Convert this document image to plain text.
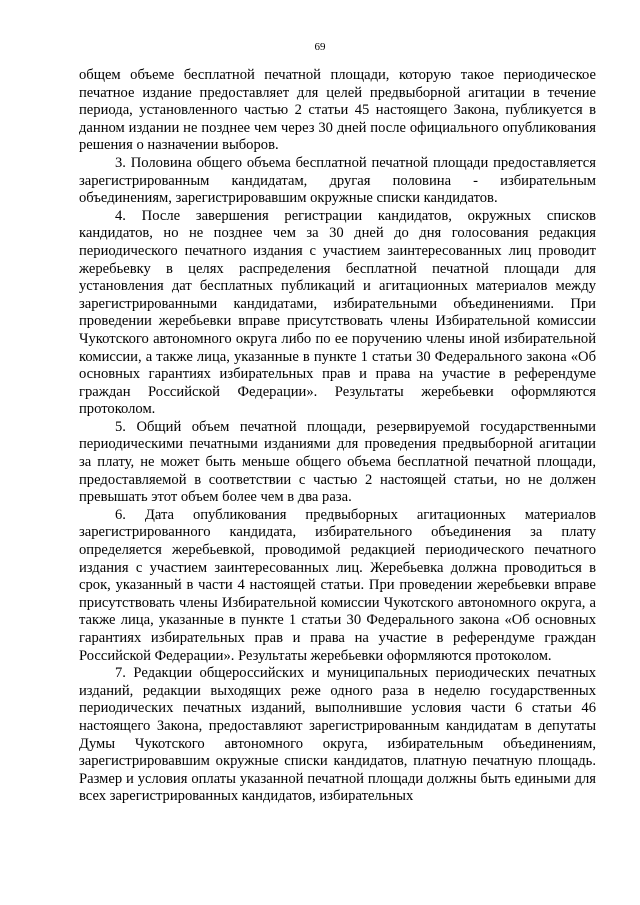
69

общем объеме бесплатной печатной площади, которую такое периодическое печатное издание предоставляет для целей предвыборной агитации в течение периода, установленного частью 2 статьи 45 настоящего Закона, публикуется в данном издании не позднее чем через 30 дней после официального опубликования решения о назначении выборов.

3. Половина общего объема бесплатной печатной площади предоставляется зарегистрированным кандидатам, другая половина - избирательным объединениям, зарегистрировавшим окружные списки кандидатов.

4. После завершения регистрации кандидатов, окружных списков кандидатов, но не позднее чем за 30 дней до дня голосования редакция периодического печатного издания с участием заинтересованных лиц проводит жеребьевку в целях распределения бесплатной печатной площади для установления дат бесплатных публикаций и агитационных материалов между зарегистрированными кандидатами, избирательными объединениями. При проведении жеребьевки вправе присутствовать члены Избирательной комиссии Чукотского автономного округа либо по ее поручению члены иной избирательной комиссии, а также лица, указанные в пункте 1 статьи 30 Федерального закона «Об основных гарантиях избирательных прав и права на участие в референдуме граждан Российской Федерации». Результаты жеребьевки оформляются протоколом.

5. Общий объем печатной площади, резервируемой государственными периодическими печатными изданиями для проведения предвыборной агитации за плату, не может быть меньше общего объема бесплатной печатной площади, предоставляемой в соответствии с частью 2 настоящей статьи, но не должен превышать этот объем более чем в два раза.

6. Дата опубликования предвыборных агитационных материалов зарегистрированного кандидата, избирательного объединения за плату определяется жеребьевкой, проводимой редакцией периодического печатного издания с участием заинтересованных лиц. Жеребьевка должна проводиться в срок, указанный в части 4 настоящей статьи. При проведении жеребьевки вправе присутствовать члены Избирательной комиссии Чукотского автономного округа, а также лица, указанные в пункте 1 статьи 30 Федерального закона «Об основных гарантиях избирательных прав и права на участие в референдуме граждан Российской Федерации». Результаты жеребьевки оформляются протоколом.

7. Редакции общероссийских и муниципальных периодических печатных изданий, редакции выходящих реже одного раза в неделю государственных периодических печатных изданий, выполнившие условия части 6 статьи 46 настоящего Закона, предоставляют зарегистрированным кандидатам в депутаты Думы Чукотского автономного округа, избирательным объединениям, зарегистрировавшим окружные списки кандидатов, платную печатную площадь. Размер и условия оплаты указанной печатной площади должны быть едиными для всех зарегистрированных кандидатов, избирательных
